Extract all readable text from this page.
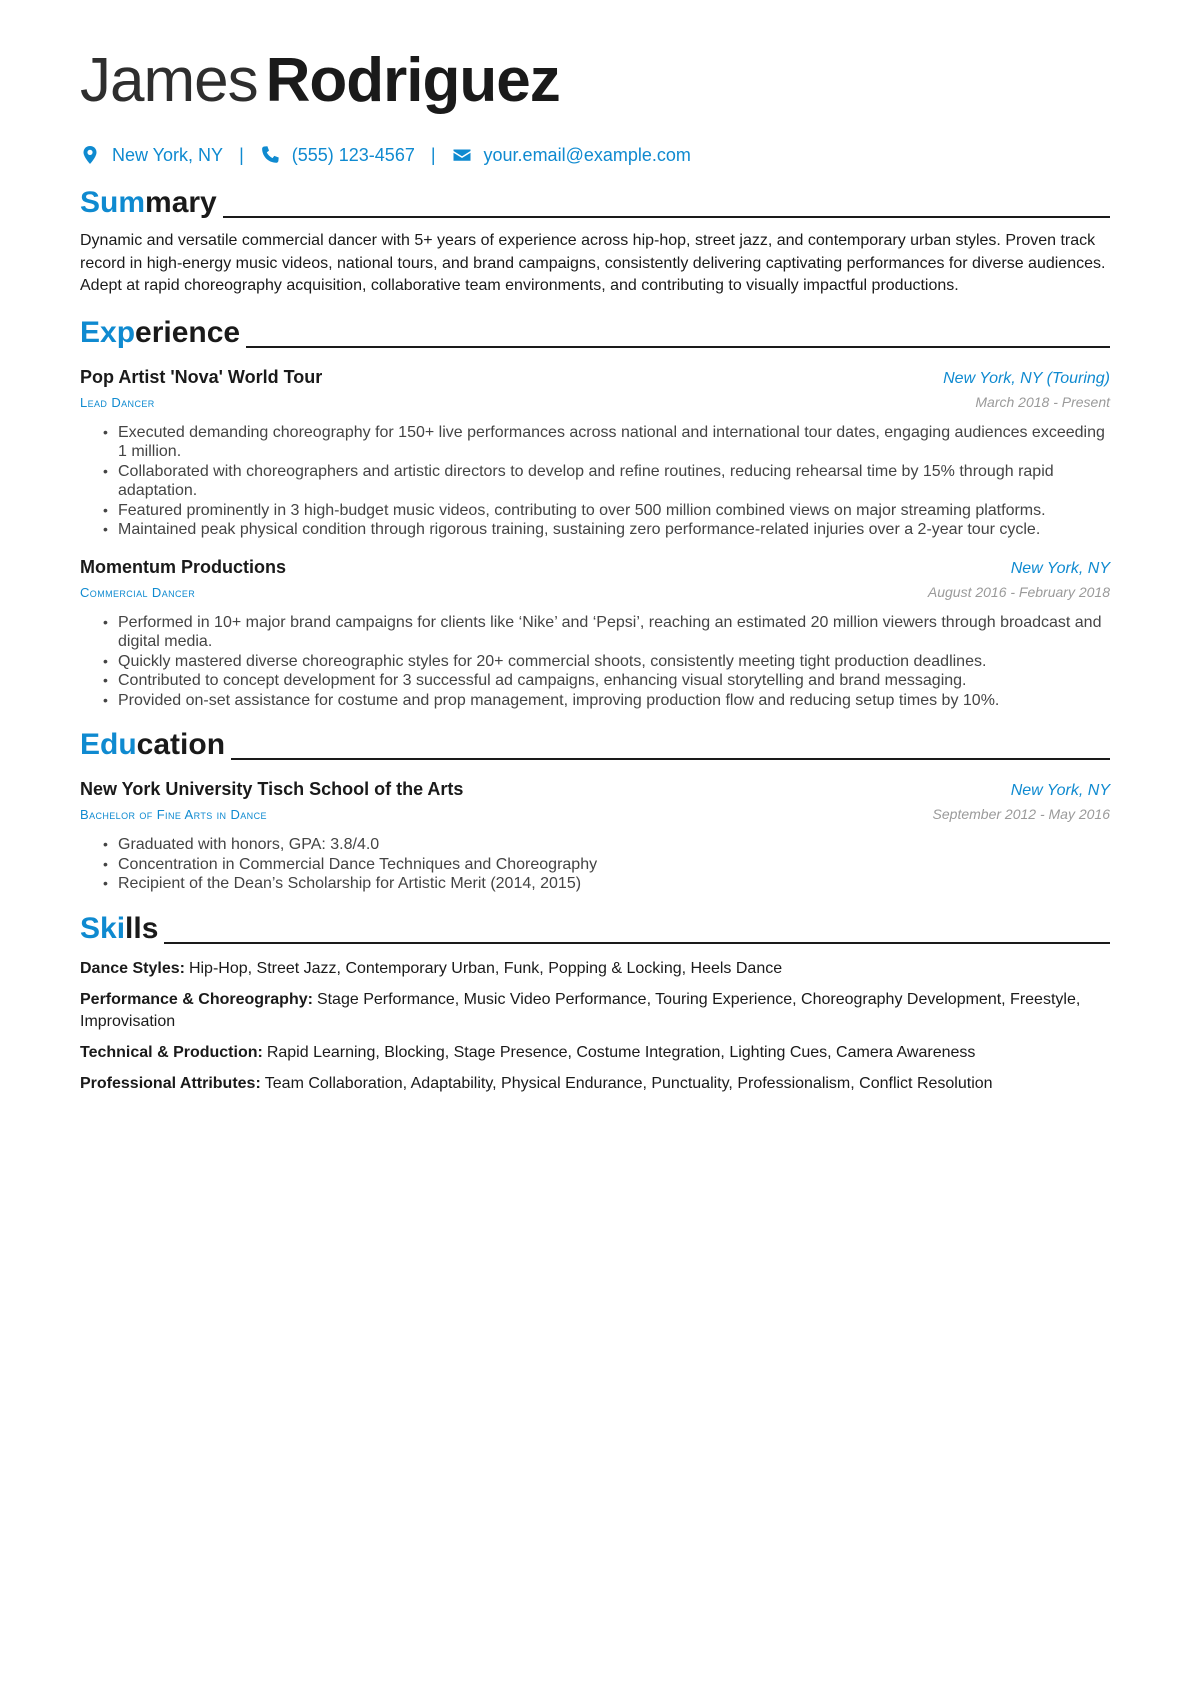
James Rodriguez
New York, NY |	(555) 123-4567 |	your.email@example.com
Summary

Dynamic and versatile commercial dancer with 5+ years of experience across hip-hop, street jazz, and contemporary urban styles. Proven track record in high-energy music videos, national tours, and brand campaigns, consistently delivering captivating performances for diverse audiences. Adept at rapid choreography acquisition, collaborative team environments, and contributing to visually impactful productions.

Experience
Pop Artist 'Nova' World Tour	New York, NY (Touring)
Lead Dancer	March 2018 - Present
• Executed demanding choreography for 150+ live performances across national and international tour dates, engaging audiences exceeding 1 million.
• Collaborated with choreographers and artistic directors to develop and refine routines, reducing rehearsal time by 15% through rapid adaptation.
• Featured prominently in 3 high-budget music videos, contributing to over 500 million combined views on major streaming platforms.
• Maintained peak physical condition through rigorous training, sustaining zero performance-related injuries over a 2-year tour cycle.
Momentum Productions	New York, NY
Commercial Dancer	August 2016 - February 2018
• Performed in 10+ major brand campaigns for clients like ‘Nike’ and ‘Pepsi’, reaching an estimated 20 million viewers through broadcast and digital media.
• Quickly mastered diverse choreographic styles for 20+ commercial shoots, consistently meeting tight production deadlines.
• Contributed to concept development for 3 successful ad campaigns, enhancing visual storytelling and brand messaging.
• Provided on-set assistance for costume and prop management, improving production flow and reducing setup times by 10%.
Education
New York University Tisch School of the Arts	New York, NY
Bachelor of Fine Arts in Dance	September 2012 - May 2016
• Graduated with honors, GPA: 3.8/4.0
• Concentration in Commercial Dance Techniques and Choreography
• Recipient of the Dean’s Scholarship for Artistic Merit (2014, 2015)
Skills
Dance Styles: Hip-Hop, Street Jazz, Contemporary Urban, Funk, Popping & Locking, Heels Dance
Performance & Choreography: Stage Performance, Music Video Performance, Touring Experience, Choreography Development, Freestyle, Improvisation
Technical & Production: Rapid Learning, Blocking, Stage Presence, Costume Integration, Lighting Cues, Camera Awareness
Professional Attributes: Team Collaboration, Adaptability, Physical Endurance, Punctuality, Professionalism, Conflict Resolution
